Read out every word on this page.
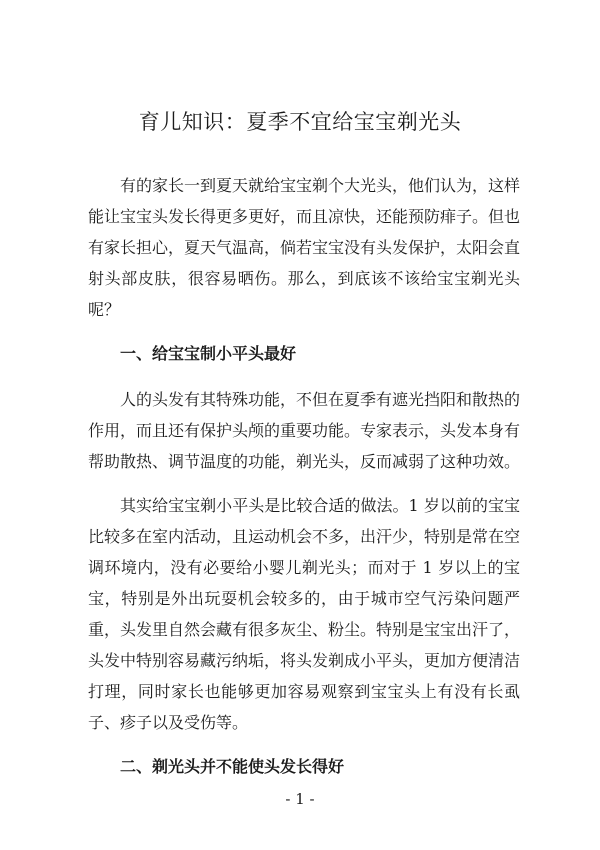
育儿知识：夏季不宜给宝宝剃光头

有的家长一到夏天就给宝宝剃个大光头，他们认为，这样能让宝宝头发长得更多更好，而且凉快，还能预防痱子。但也有家长担心，夏天气温高，倘若宝宝没有头发保护，太阳会直射头部皮肤，很容易晒伤。那么，到底该不该给宝宝剃光头呢？

一、给宝宝制小平头最好

人的头发有其特殊功能，不但在夏季有遮光挡阳和散热的作用，而且还有保护头颅的重要功能。专家表示，头发本身有帮助散热、调节温度的功能，剃光头，反而减弱了这种功效。

其实给宝宝剃小平头是比较合适的做法。1 岁以前的宝宝比较多在室内活动，且运动机会不多，出汗少，特别是常在空调环境内，没有必要给小婴儿剃光头；而对于 1 岁以上的宝宝，特别是外出玩耍机会较多的，由于城市空气污染问题严重，头发里自然会藏有很多灰尘、粉尘。特别是宝宝出汗了，头发中特别容易藏污纳垢，将头发剃成小平头，更加方便清洁打理，同时家长也能够更加容易观察到宝宝头上有没有长虱子、疹子以及受伤等。

二、剃光头并不能使头发长得好

- 1 -
